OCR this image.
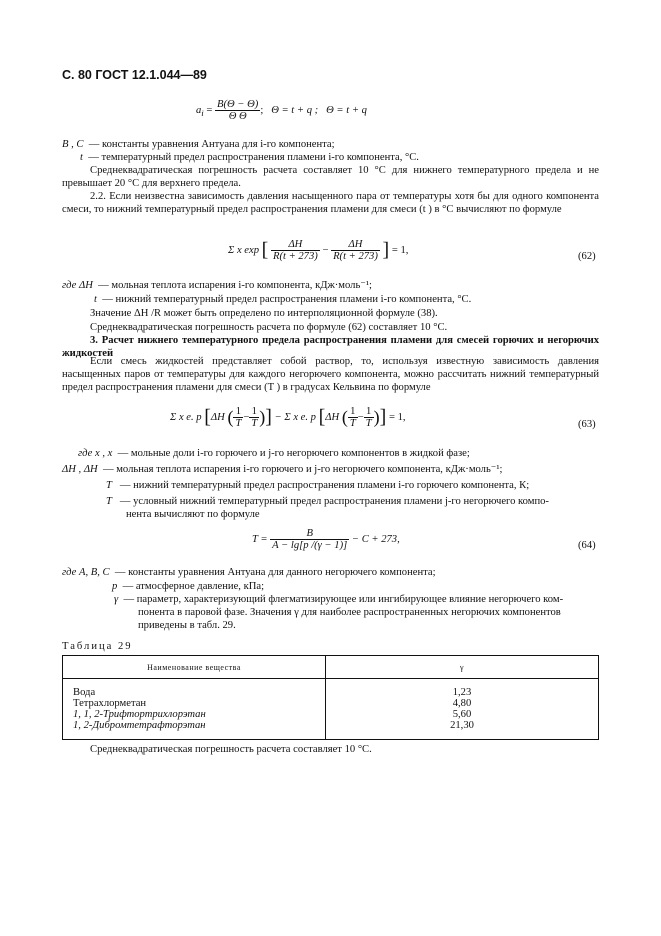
С. 80 ГОСТ 12.1.044—89
$a_i = \frac{B(\Theta - \Theta)}{\text{Θ Θ}}$ ;   Θ = t + q ; Θ = t + q
B , C — константы уравнения Антуана для i-го компонента;
t — температурный предел распространения пламени i-го компонента, °С.
Среднеквадратическая погрешность расчета составляет 10 °С для нижнего температурного предела и не превышает 20 °С для верхнего предела.
2.2. Если неизвестна зависимость давления насыщенного пара от температуры хотя бы для одного компонента смеси, то нижний температурный предел распространения пламени для смеси (t ) в °С вычисляют по формуле
Σ x exp [ $\frac{\Delta H}{R(t + 273)} - \frac{\Delta H}{R(t + 273)}$ ] = 1,
(62)
где ΔH — мольная теплота испарения i-го компонента, кДж·моль⁻¹;
t — нижний температурный предел распространения пламени i-го компонента, °С.
Значение ΔH /R может быть определено по интерполяционной формуле (38).
Среднеквадратическая погрешность расчета по формуле (62) составляет 10 °С.
3. Расчет нижнего температурного предела распространения пламени для смесей горючих и негорючих жидкостей
Если смесь жидкостей представляет собой раствор, то, используя известную зависимость давления насыщенных паров от температуры для каждого негорючего компонента, можно рассчитать нижний температурный предел распространения пламени для смеси (T ) в градусах Кельвина по формуле
Σ x e. p [ΔH ( $\frac{1}{T} - \frac{1}{T}$ )] − Σ x e. p [ΔH ( $\frac{1}{T} - \frac{1}{T}$ )] = 1,
(63)
где x , x — мольные доли i-го горючего и j-го негорючего компонентов в жидкой фазе;
ΔH , ΔH — мольная теплота испарения i-го горючего и j-го негорючего компонента, кДж·моль⁻¹;
T — нижний температурный предел распространения пламени i-го горючего компонента, К;
T — условный нижний температурный предел распространения пламени j-го негорючего компо-
нента вычисляют по формуле
$T = \frac{B}{A - \lg[p /(\gamma - 1)]} - C + 273$,
(64)
где A, B, C — константы уравнения Антуана для данного негорючего компонента;
p — атмосферное давление, кПа;
γ — параметр, характеризующий флегматизирующее или ингибирующее влияние негорючего ком-
понента в паровой фазе. Значения γ для наиболее распространенных негорючих компонентов
приведены в табл. 29.
Таблица 29
Наименование вещества	γ
Вода	1,23
Тетрахлорметан	4,80
1, 1, 2-Трифтортрихлорэтан	5,60
1, 2-Дибромтетрафторэтан	21,30
Среднеквадратическая погрешность расчета составляет 10 °С.
